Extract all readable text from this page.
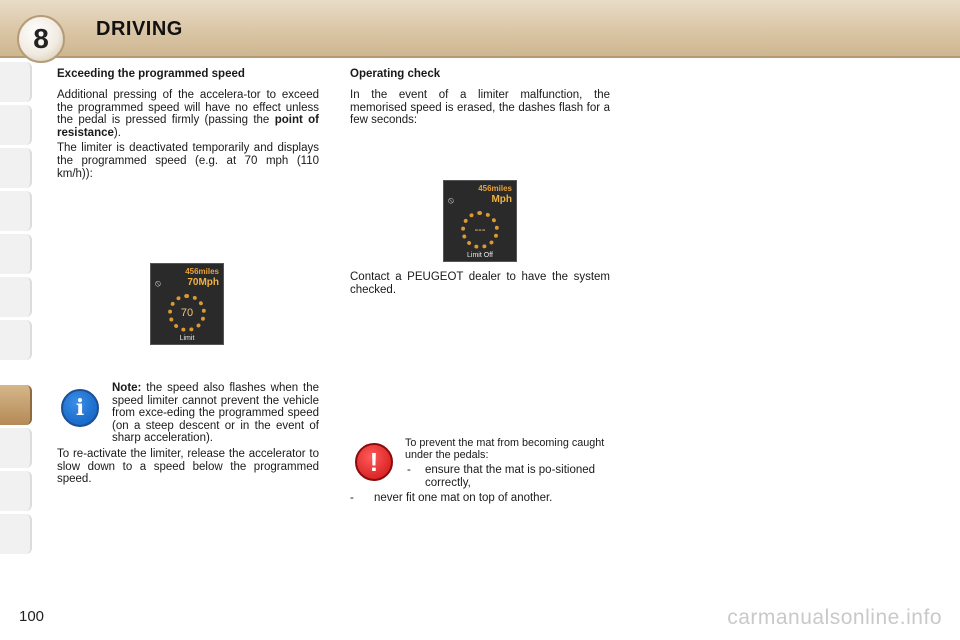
8	DRIVING
Exceeding the programmed speed

Additional pressing of the accelera-tor to exceed the programmed speed will have no effect unless the pedal is pressed firmly (passing the point of resistance).

The limiter is deactivated temporarily and displays the programmed speed (e.g. at 70 mph (110 km/h)):

⦸
456miles
70Mph
70
Limit
i

Note: the speed also flashes when the speed limiter cannot prevent the vehicle from exce-eding the programmed speed (on a steep descent or in the event of sharp acceleration).

To re-activate the limiter, release the accelerator to slow down to a speed below the programmed speed.

Operating check

In the event of a limiter malfunction, the memorised speed is erased, the dashes flash for a few seconds:

⦸
456miles
Mph
---
Limit Off

Contact a PEUGEOT dealer to have the system checked.

!
To prevent the mat from becoming caught under the pedals:
-	ensure that the mat is po-sitioned correctly,
-	never fit one mat on top of another.
100	carmanualsonline.info
